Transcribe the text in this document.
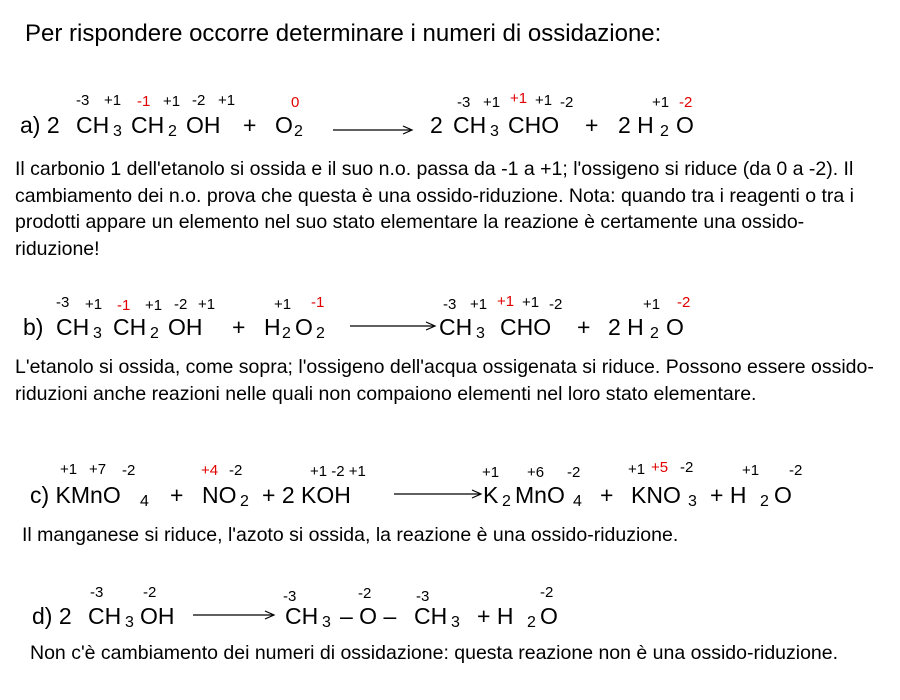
Per rispondere occorre determinare i numeri di ossidazione:
-3 +1 -1 +1 -2 +1	0	-3 +1 +1 +1 -2	+1 -2
a) 2 CH 3 CH 2 OH + O 2	2 CH 3 CHO + 2 H 2 O
Il carbonio 1 dell'etanolo si ossida e il suo n.o. passa da -1 a +1; l'ossigeno si riduce (da 0 a -2). Il cambiamento dei n.o. prova che questa è una ossido-riduzione. Nota: quando tra i reagenti o tra i prodotti appare un elemento nel suo stato elementare la reazione è certamente una ossido-riduzione!
-3 +1 -1 +1 -2 +1	+1 -1	-3 +1 +1 +1 -2	+1 -2
b) CH 3 CH 2 OH + H 2 O 2	CH 3 CHO + 2 H 2 O
L'etanolo si ossida, come sopra; l'ossigeno dell'acqua ossigenata si riduce. Possono essere ossido-riduzioni anche reazioni nelle quali non compaiono elementi nel loro stato elementare.
+1 +7 -2	+4 -2	+1 -2 +1	+1 +6 -2	+1 +5 -2	+1 -2
c) KMnO 4 + NO 2 + 2 KOH	K 2 MnO 4 + KNO 3 + H 2 O
Il manganese si riduce, l'azoto si ossida, la reazione è una ossido-riduzione.
-3	-2	-3	-2	-3	-2
d) 2 CH 3 OH	CH 3 – O – CH 3 + H 2 O
Non c'è cambiamento dei numeri di ossidazione: questa reazione non è una ossido-riduzione.
